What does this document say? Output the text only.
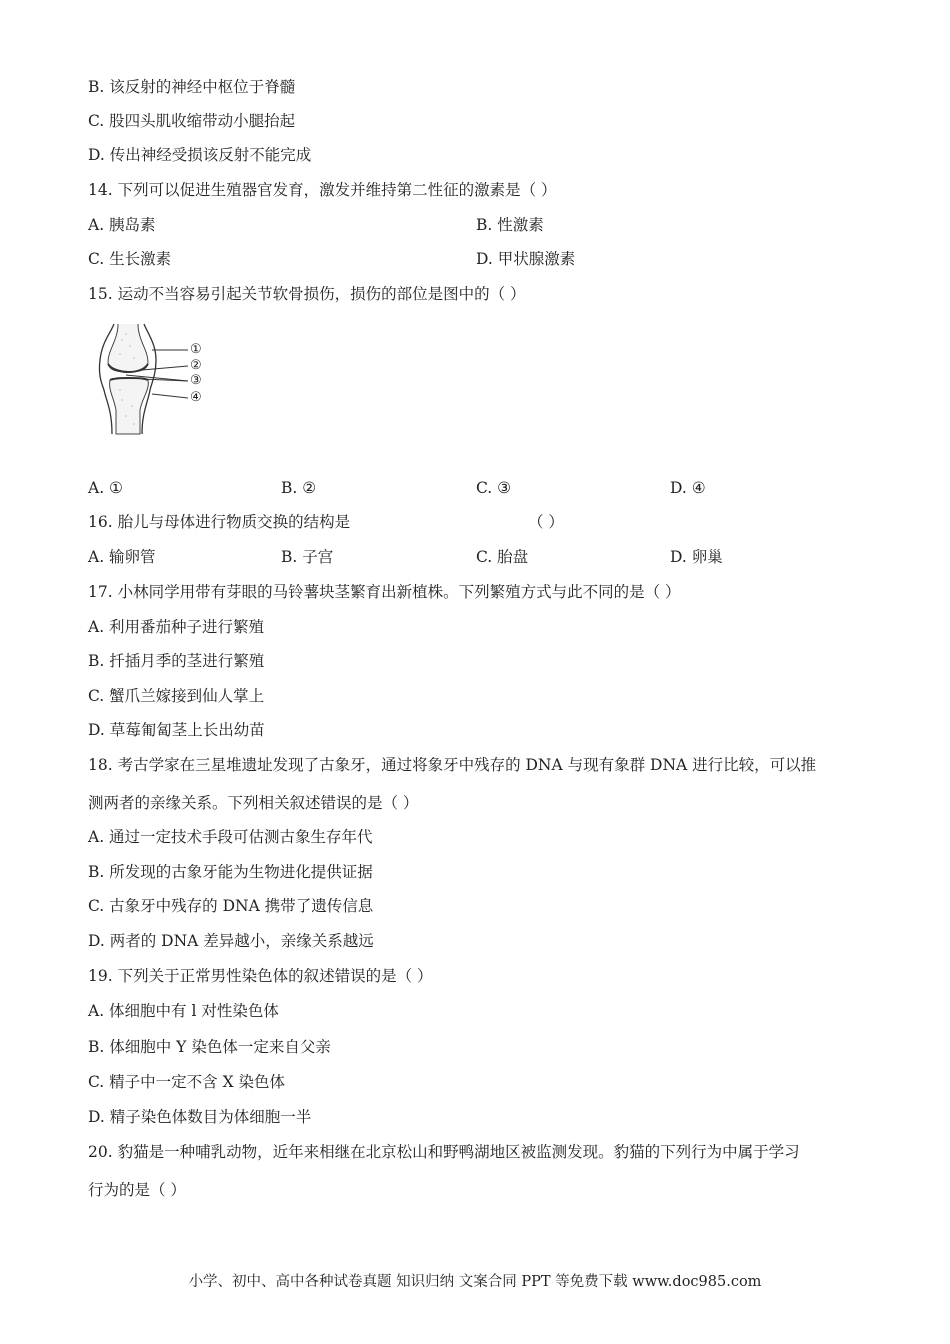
B. 该反射的神经中枢位于脊髓
C. 股四头肌收缩带动小腿抬起
D. 传出神经受损该反射不能完成
14. 下列可以促进生殖器官发育，激发并维持第二性征的激素是（ ）
A. 胰岛素	B. 性激素
C. 生长激素	D. 甲状腺激素
15. 运动不当容易引起关节软骨损伤，损伤的部位是图中的（ ）
①
②
③
④
A. ①	B. ②	C. ③	D. ④
16. 胎儿与母体进行物质交换的结构是	（ ）
A. 输卵管	B. 子宫	C. 胎盘	D. 卵巢
17. 小林同学用带有芽眼的马铃薯块茎繁育出新植株。下列繁殖方式与此不同的是（ ）
A. 利用番茄种子进行繁殖
B. 扦插月季的茎进行繁殖
C. 蟹爪兰嫁接到仙人掌上
D. 草莓匍匐茎上长出幼苗
18. 考古学家在三星堆遗址发现了古象牙，通过将象牙中残存的 DNA 与现有象群 DNA 进行比较，可以推
测两者的亲缘关系。下列相关叙述错误的是（ ）
A. 通过一定技术手段可估测古象生存年代
B. 所发现的古象牙能为生物进化提供证据
C. 古象牙中残存的 DNA 携带了遗传信息
D. 两者的 DNA 差异越小，亲缘关系越远
19. 下列关于正常男性染色体的叙述错误的是（ ）
A. 体细胞中有 l 对性染色体
B. 体细胞中 Y 染色体一定来自父亲
C. 精子中一定不含 X 染色体
D. 精子染色体数目为体细胞一半
20. 豹猫是一种哺乳动物，近年来相继在北京松山和野鸭湖地区被监测发现。豹猫的下列行为中属于学习
行为的是（ ）
小学、初中、高中各种试卷真题 知识归纳 文案合同 PPT 等免费下载 www.doc985.com
